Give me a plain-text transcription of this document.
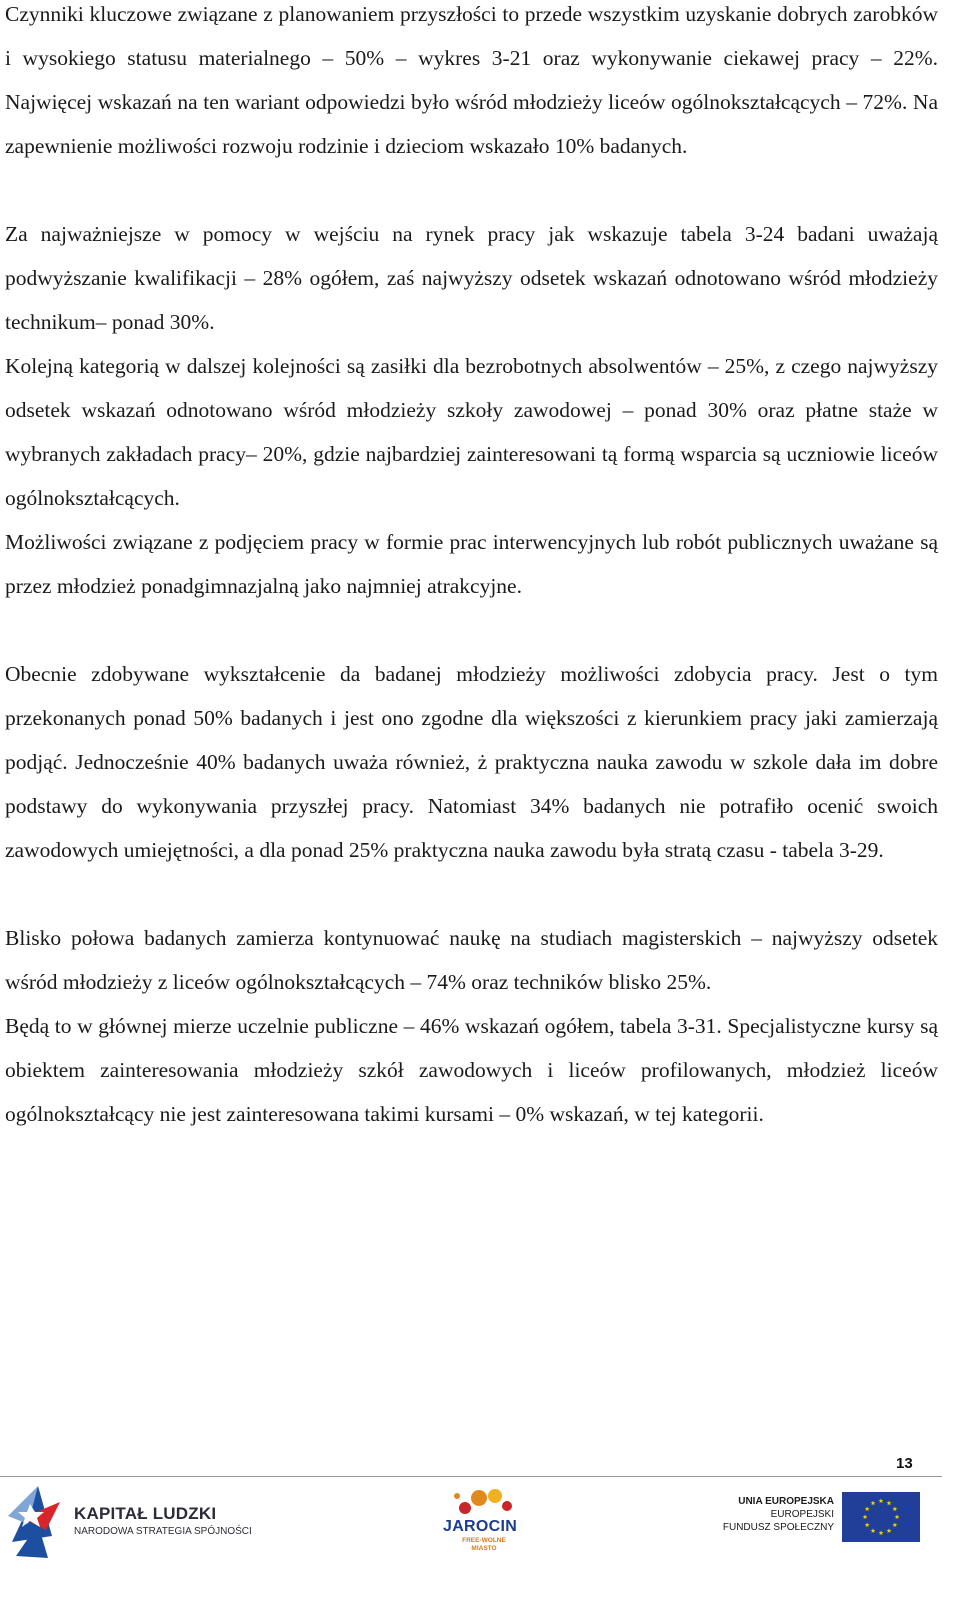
Czynniki kluczowe związane z planowaniem przyszłości to przede wszystkim uzyskanie dobrych zarobków i wysokiego statusu materialnego – 50% – wykres 3-21 oraz wykonywanie ciekawej pracy – 22%. Najwięcej wskazań na ten wariant odpowiedzi było wśród młodzieży liceów ogólnokształcących – 72%. Na zapewnienie możliwości rozwoju rodzinie i dzieciom wskazało 10% badanych.

Za najważniejsze w pomocy w wejściu na rynek pracy jak wskazuje tabela 3-24 badani uważają podwyższanie kwalifikacji – 28% ogółem, zaś najwyższy odsetek wskazań odnotowano wśród młodzieży technikum– ponad 30%.

Kolejną kategorią w dalszej kolejności są zasiłki dla bezrobotnych absolwentów – 25%, z czego najwyższy odsetek wskazań odnotowano wśród młodzieży szkoły zawodowej – ponad 30% oraz płatne staże w wybranych zakładach pracy– 20%, gdzie najbardziej zainteresowani tą formą wsparcia są uczniowie liceów ogólnokształcących.

Możliwości związane z podjęciem pracy w formie prac interwencyjnych lub robót publicznych uważane są przez młodzież ponadgimnazjalną jako najmniej atrakcyjne.

Obecnie zdobywane wykształcenie da badanej młodzieży możliwości zdobycia pracy. Jest o tym przekonanych ponad 50% badanych i jest ono zgodne dla większości z kierunkiem pracy jaki zamierzają podjąć. Jednocześnie 40% badanych uważa również, ż praktyczna nauka zawodu w szkole dała im dobre podstawy do wykonywania przyszłej pracy. Natomiast 34% badanych nie potrafiło ocenić swoich zawodowych umiejętności, a dla ponad 25% praktyczna nauka zawodu była stratą czasu - tabela 3-29.

Blisko połowa badanych zamierza kontynuować naukę na studiach magisterskich – najwyższy odsetek wśród młodzieży z liceów ogólnokształcących – 74% oraz techników blisko 25%.

Będą to w głównej mierze uczelnie publiczne – 46% wskazań ogółem, tabela 3-31. Specjalistyczne kursy są obiektem zainteresowania młodzieży szkół zawodowych i liceów profilowanych, młodzież liceów ogólnokształcący nie jest zainteresowana takimi kursami – 0% wskazań, w tej kategorii.

13
KAPITAŁ LUDZKI
NARODOWA STRATEGIA SPÓJNOŚCI	JAROCIN
FREE-WOLNE MIASTO
UNIA EUROPEJSKA
EUROPEJSKI
FUNDUSZ SPOŁECZNY
